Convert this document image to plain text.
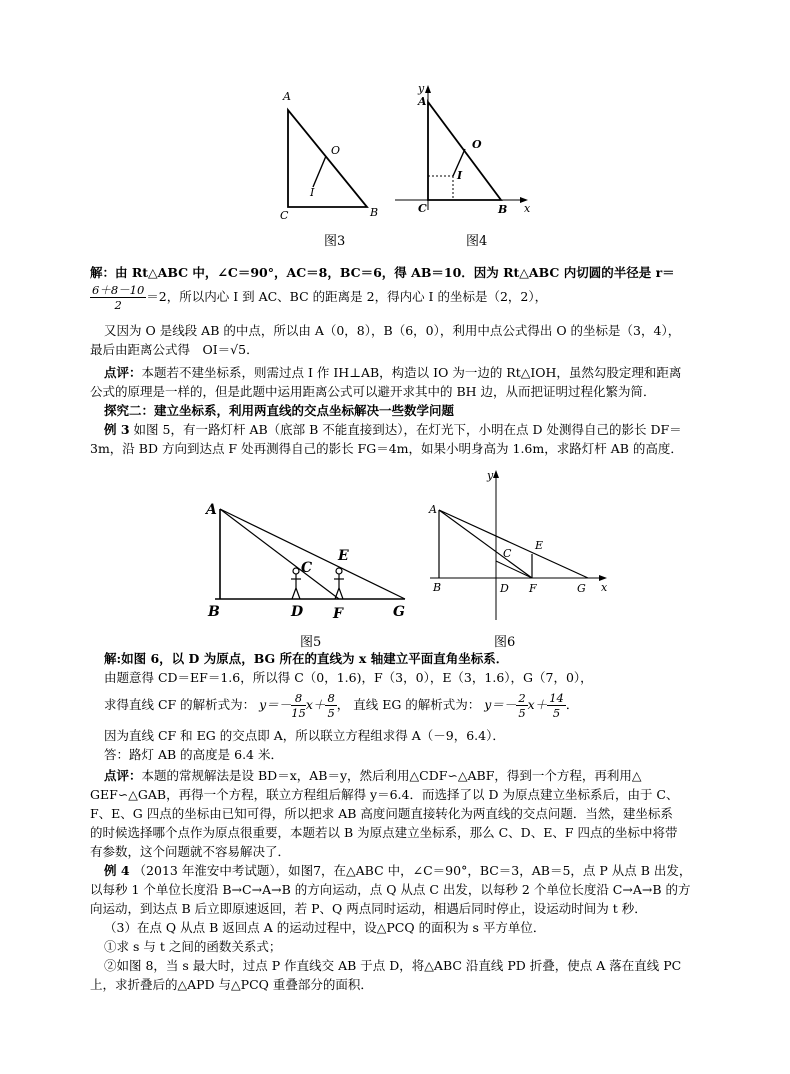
A
B
C
O
I
图3
y
A
B
C
O
I
x
图4
解：由 Rt△ABC 中，∠C＝90°，AC＝8，BC＝6，得 AB＝10．因为 Rt△ABC 内切圆的半径是 r＝
$\frac{6+8-10}{2} =2$，所以内心 I 到 AC、BC 的距离是 2，得内心 I 的坐标是（2，2），
又因为 O 是线段 AB 的中点，所以由 A（0，8），B（6，0），利用中点公式得出 O 的坐标是（3，4），
最后由距离公式得　OI＝√5．
点评：本题若不建坐标系，则需过点 I 作 IH⊥AB，构造以 IO 为一边的 Rt△IOH，虽然勾股定理和距离
公式的原理是一样的，但是此题中运用距离公式可以避开求其中的 BH 边，从而把证明过程化繁为简．
探究二：建立坐标系，利用两直线的交点坐标解决一些数学问题
例 3 如图 5，有一路灯杆 AB（底部 B 不能直接到达），在灯光下，小明在点 D 处测得自己的影长 DF＝
3m，沿 BD 方向到达点 F 处再测得自己的影长 FG＝4m，如果小明身高为 1.6m，求路灯杆 AB 的高度．
A
B
C
D
E
F	G
图5
y
A
B
C
D
E
F	G x
图6
解:如图 6，以 D 为原点，BG 所在的直线为 x 轴建立平面直角坐标系．
由题意得 CD＝EF＝1.6，所以得 C（0，1.6)，F（3，0），E（3，1.6），G（7，0），
求得直线 CF 的解析式为： $y=- \frac{8}{15} x+ \frac{8}{5}$ ， 直线 EG 的解析式为： $y=- \frac{2}{5} x+ \frac{14}{5}$ ．
因为直线 CF 和 EG 的交点即 A，所以联立方程组求得 A（－9，6.4）．
答：路灯 AB 的高度是 6.4 米．
点评：本题的常规解法是设 BD＝x，AB＝y，然后利用△CDF∽△ABF，得到一个方程，再利用△
GEF∽△GAB，再得一个方程，联立方程组后解得 y＝6.4．而选择了以 D 为原点建立坐标系后，由于 C、
F、E、G 四点的坐标由已知可得，所以把求 AB 高度问题直接转化为两直线的交点问题．当然，建坐标系
的时候选择哪个点作为原点很重要，本题若以 B 为原点建立坐标系，那么 C、D、E、F 四点的坐标中将带
有参数，这个问题就不容易解决了．
例 4 （2013 年淮安中考试题），如图7，在△ABC 中，∠C＝90°，BC＝3，AB＝5，点 P 从点 B 出发，
以每秒 1 个单位长度沿 B→C→A→B 的方向运动，点 Q 从点 C 出发，以每秒 2 个单位长度沿 C→A→B 的方
向运动，到达点 B 后立即原速返回，若 P、Q 两点同时运动，相遇后同时停止，设运动时间为 t 秒．
（3）在点 Q 从点 B 返回点 A 的运动过程中，设△PCQ 的面积为 s 平方单位．
①求 s 与 t 之间的函数关系式；
②如图 8，当 s 最大时，过点 P 作直线交 AB 于点 D，将△ABC 沿直线 PD 折叠，使点 A 落在直线 PC
上，求折叠后的△APD 与△PCQ 重叠部分的面积．
